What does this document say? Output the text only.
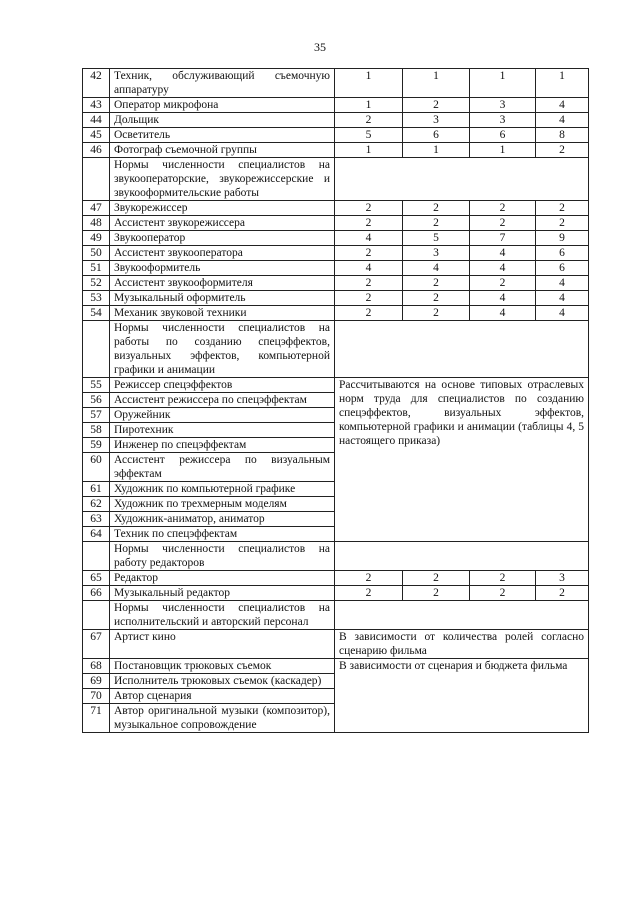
35
42	Техник, обслуживающий съемочную аппаратуру	1	1	1	1
43	Оператор микрофона	1	2	3	4
44	Дольщик	2	3	3	4
45	Осветитель	5	6	6	8
46	Фотограф съемочной группы	1	1	1	2
	Нормы численности специалистов на звукооператорские, звукорежиссерские и звукооформительские работы				
47	Звукорежиссер	2	2	2	2
48	Ассистент звукорежиссера	2	2	2	2
49	Звукооператор	4	5	7	9
50	Ассистент звукооператора	2	3	4	6
51	Звукооформитель	4	4	4	6
52	Ассистент звукооформителя	2	2	2	4
53	Музыкальный оформитель	2	2	4	4
54	Механик звуковой техники	2	2	4	4
	Нормы численности специалистов на работы по созданию спецэффектов, визуальных эффектов, компьютерной графики и анимации				
55	Режиссер спецэффектов	Рассчитываются на основе типовых отраслевых норм труда для специалистов по созданию спецэффектов, визуальных эффектов, компьютерной графики и анимации (таблицы 4, 5 настоящего приказа)			
56	Ассистент режиссера по спецэффектам				
57	Оружейник				
58	Пиротехник				
59	Инженер по спецэффектам				
60	Ассистент режиссера по визуальным эффектам				
61	Художник по компьютерной графике				
62	Художник по трехмерным моделям				
63	Художник-аниматор, аниматор				
64	Техник по спецэффектам				
	Нормы численности специалистов на работу редакторов				
65	Редактор	2	2	2	3
66	Музыкальный редактор	2	2	2	2
	Нормы численности специалистов на исполнительский и авторский персонал				
67	Артист кино	В зависимости от количества ролей согласно сценарию фильма			
68	Постановщик трюковых съемок	В зависимости от сценария и бюджета фильма			
69	Исполнитель трюковых съемок (каскадер)				
70	Автор сценария				
71	Автор оригинальной музыки (композитор), музыкальное сопровождение				
